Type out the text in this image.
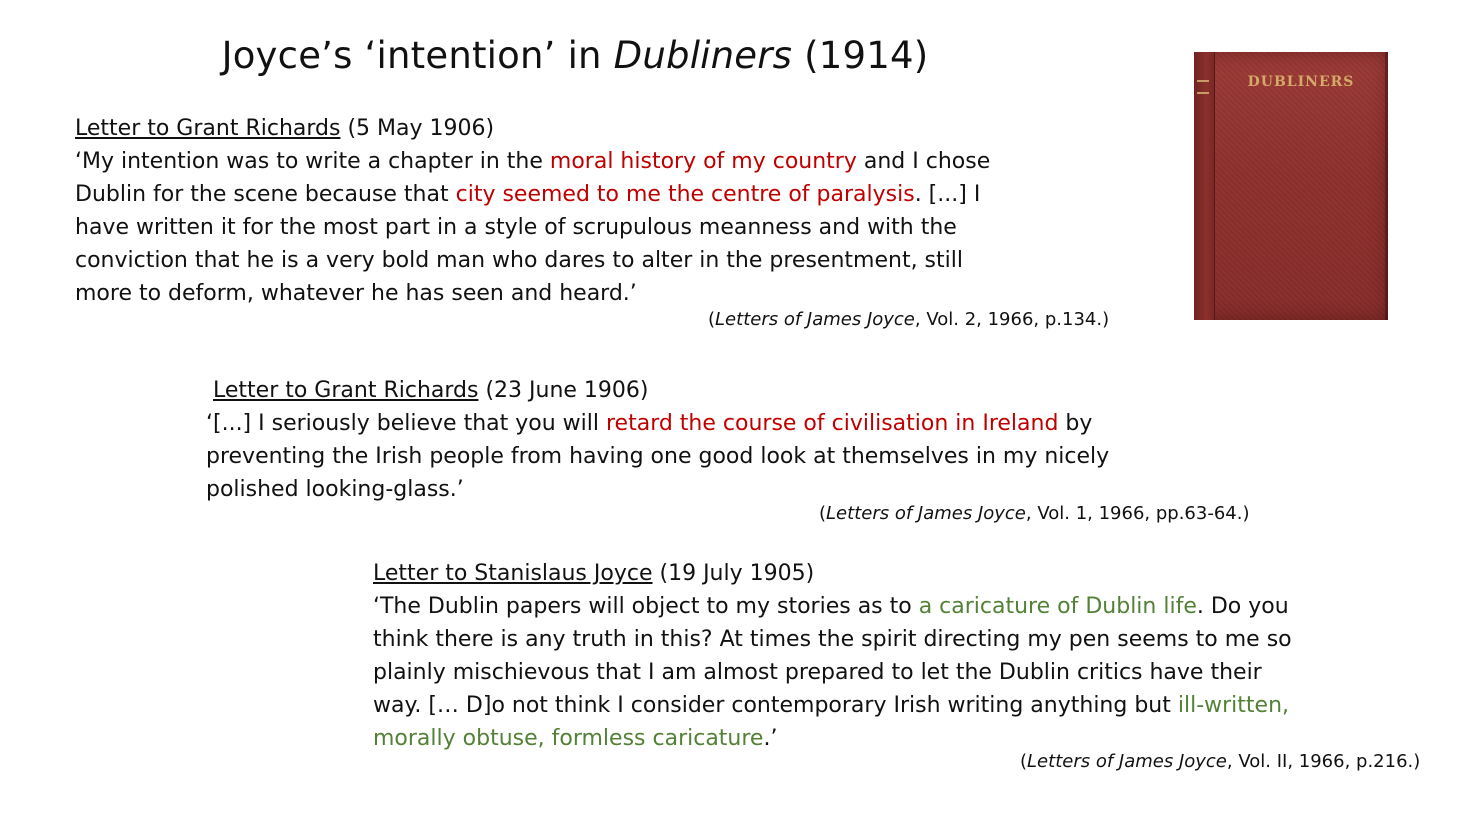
Joyce’s ‘intention’ in Dubliners (1914)
DUBLINERS

Letter to Grant Richards (5 May 1906)

‘My intention was to write a chapter in the moral history of my country and I chose Dublin for the scene because that city seemed to me the centre of paralysis. [...] I have written it for the most part in a style of scrupulous meanness and with the conviction that he is a very bold man who dares to alter in the presentment, still more to deform, whatever he has seen and heard.’

(Letters of James Joyce, Vol. 2, 1966, p.134.)

Letter to Grant Richards (23 June 1906)

‘[...] I seriously believe that you will retard the course of civilisation in Ireland by preventing the Irish people from having one good look at themselves in my nicely polished looking-glass.’

(Letters of James Joyce, Vol. 1, 1966, pp.63-64.)

Letter to Stanislaus Joyce (19 July 1905)

‘The Dublin papers will object to my stories as to a caricature of Dublin life. Do you think there is any truth in this? At times the spirit directing my pen seems to me so plainly mischievous that I am almost prepared to let the Dublin critics have their way. [… D]o not think I consider contemporary Irish writing anything but ill-written, morally obtuse, formless caricature.’

(Letters of James Joyce, Vol. II, 1966, p.216.)
